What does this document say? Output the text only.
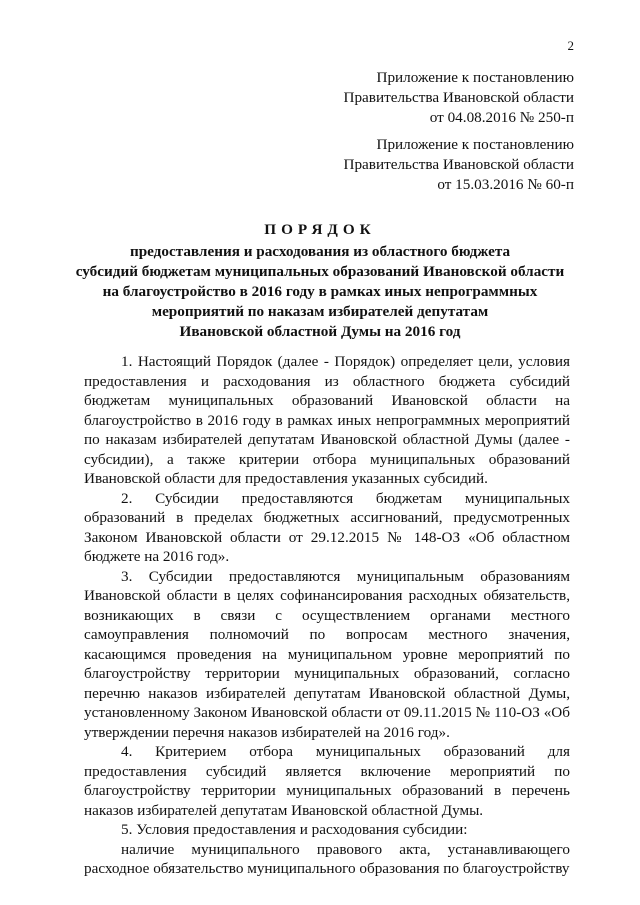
2
Приложение к постановлению
Правительства Ивановской области
от 04.08.2016 № 250-п
Приложение к постановлению
Правительства Ивановской области
от 15.03.2016 № 60-п
ПОРЯДОК
предоставления и расходования из областного бюджета
субсидий бюджетам муниципальных образований Ивановской области
на благоустройство в 2016 году в рамках иных непрограммных
мероприятий по наказам избирателей депутатам
Ивановской областной Думы на 2016 год

1. Настоящий Порядок (далее - Порядок) определяет цели, условия предоставления и расходования из областного бюджета субсидий бюджетам муниципальных образований Ивановской области на благоустройство в 2016 году в рамках иных непрограммных мероприятий по наказам избирателей депутатам Ивановской областной Думы (далее - субсидии), а также критерии отбора муниципальных образований Ивановской области для предоставления указанных субсидий.

2. Субсидии предоставляются бюджетам муниципальных образований в пределах бюджетных ассигнований, предусмотренных Законом Ивановской области от 29.12.2015 № 148-ОЗ «Об областном бюджете на 2016 год».

3. Субсидии предоставляются муниципальным образованиям Ивановской области в целях софинансирования расходных обязательств, возникающих в связи с осуществлением органами местного самоуправления полномочий по вопросам местного значения, касающимся проведения на муниципальном уровне мероприятий по благоустройству территории муниципальных образований, согласно перечню наказов избирателей депутатам Ивановской областной Думы, установленному Законом Ивановской области от 09.11.2015 № 110-ОЗ «Об утверждении перечня наказов избирателей на 2016 год».

4. Критерием отбора муниципальных образований для предоставления субсидий является включение мероприятий по благоустройству территории муниципальных образований в перечень наказов избирателей депутатам Ивановской областной Думы.

5. Условия предоставления и расходования субсидии:

наличие муниципального правового акта, устанавливающего расходное обязательство муниципального образования по благоустройству
